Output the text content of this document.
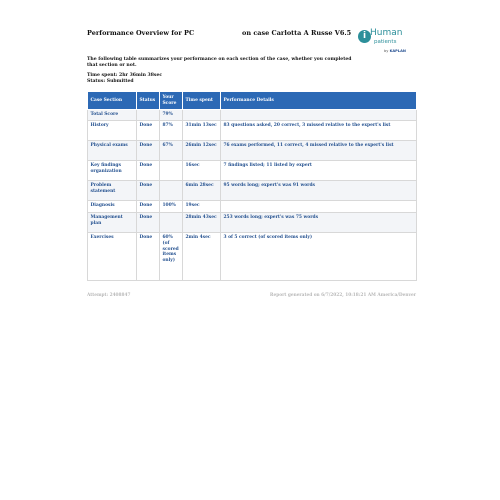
Performance Overview for PC	on case Carlotta A Russe V6.5	i Human
patients
by KAPLAN
The following table summarizes your performance on each section of the case, whether you completed that section or not.
Time spent: 2hr 36min 38sec
Status: Submitted
Case Section	Status	Your Score	Time spent	Performance Details
Total Score		79%		
History	Done	87%	31min 13sec	83 questions asked, 20 correct, 3 missed relative to the expert's list
Physical exams	Done	67%	26min 12sec	76 exams performed, 11 correct, 4 missed relative to the expert's list
Key findings organization	Done		16sec	7 findings listed; 11 listed by expert
Problem statement	Done		6min 28sec	95 words long; expert's was 91 words
Diagnosis	Done	100%	19sec	
Management plan	Done		28min 43sec	253 words long; expert's was 75 words
Exercises	Done	60% (of scored items only)	2min 4sec	3 of 5 correct (of scored items only)
Attempt: 2408847	Report generated on 6/7/2022, 10:18:21 AM America/Denver
